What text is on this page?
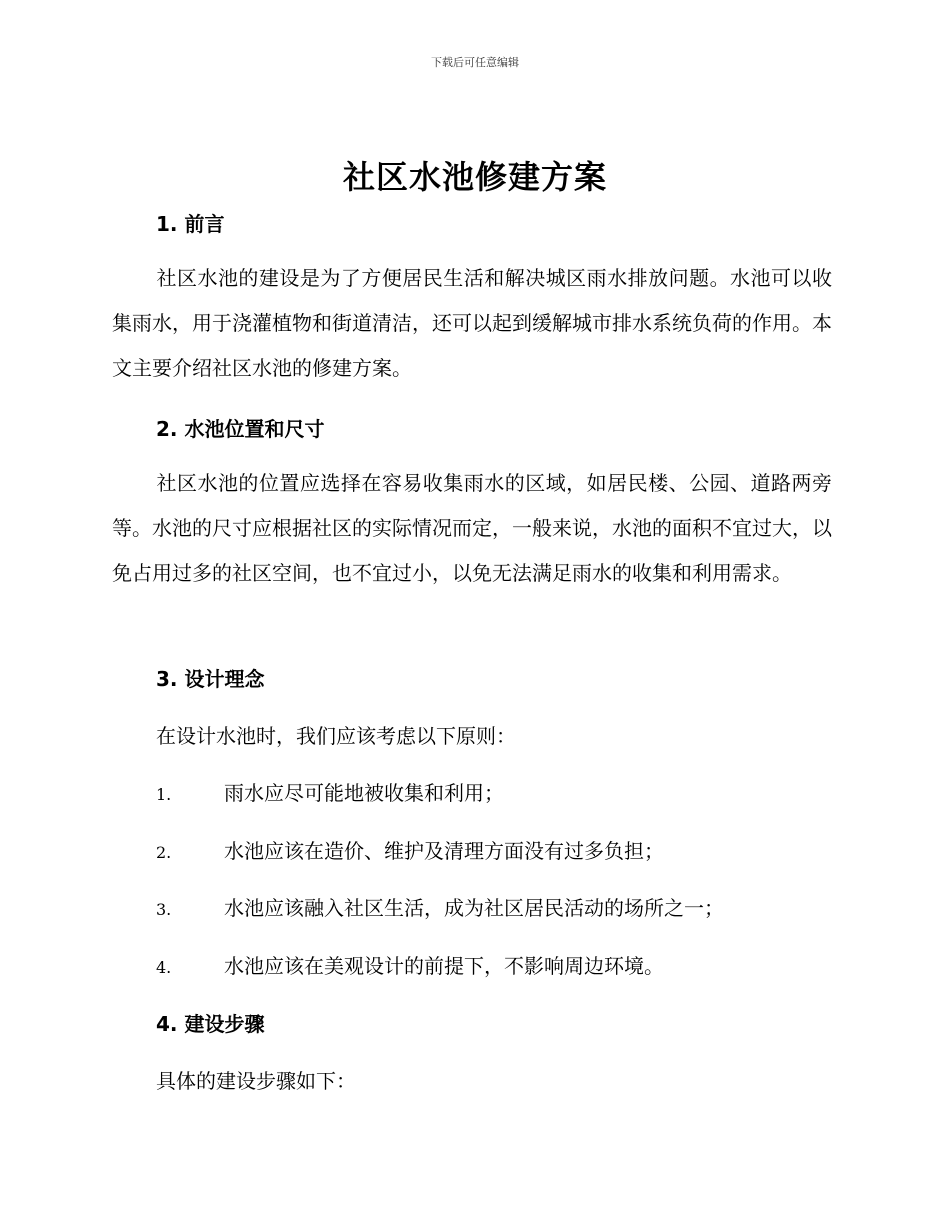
下载后可任意编辑
社区水池修建方案
1. 前言
社区水池的建设是为了方便居民生活和解决城区雨水排放问题。水池可以收集雨水，用于浇灌植物和街道清洁，还可以起到缓解城市排水系统负荷的作用。本文主要介绍社区水池的修建方案。
2. 水池位置和尺寸
社区水池的位置应选择在容易收集雨水的区域，如居民楼、公园、道路两旁等。水池的尺寸应根据社区的实际情况而定，一般来说，水池的面积不宜过大，以免占用过多的社区空间，也不宜过小，以免无法满足雨水的收集和利用需求。
3. 设计理念
在设计水池时，我们应该考虑以下原则：
1.	雨水应尽可能地被收集和利用；
2.	水池应该在造价、维护及清理方面没有过多负担；
3.	水池应该融入社区生活，成为社区居民活动的场所之一；
4.	水池应该在美观设计的前提下，不影响周边环境。
4. 建设步骤
具体的建设步骤如下：
